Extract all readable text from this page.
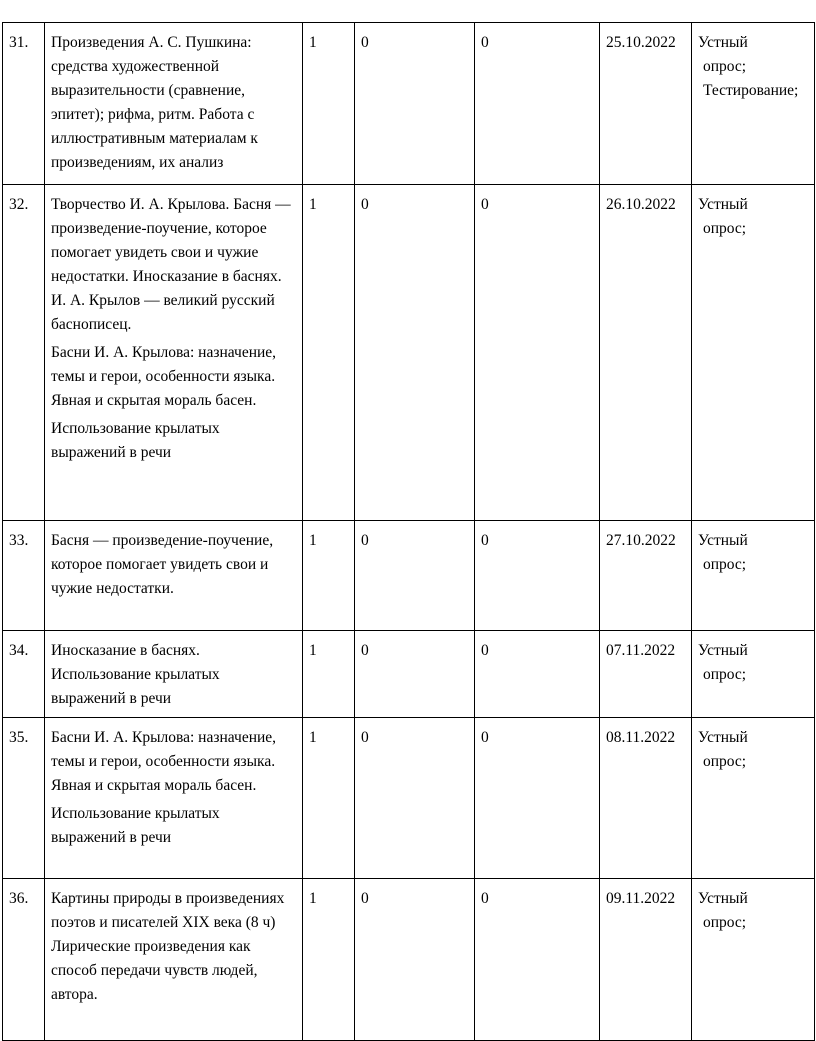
31.	Произведения А. С. Пушкина: средства художественной выразительности (сравнение, эпитет); рифма, ритм. Работа с иллюстративным материалам к произведениям, их анализ	1	0	0	25.10.2022	Устный
опрос;
Тестирование;

32.	Творчество И. А. Крылова. Басня — произведение-поучение, которое помогает увидеть свои и чужие недостатки. Иносказание в баснях. И. А. Крылов — великий русский баснописец.
Басни И. А. Крылова: назначение, темы и герои, особенности языка. Явная и скрытая мораль басен.
Использование крылатых выражений в речи	1	0	0	26.10.2022	Устный
опрос;

33.	Басня — произведение-поучение, которое помогает увидеть свои и чужие недостатки.	1	0	0	27.10.2022	Устный
опрос;

34.	Иносказание в баснях. Использование крылатых выражений в речи	1	0	0	07.11.2022	Устный
опрос;

35.	Басни И. А. Крылова: назначение, темы и герои, особенности языка. Явная и скрытая мораль басен.
Использование крылатых выражений в речи	1	0	0	08.11.2022	Устный
опрос;

36.	Картины природы в произведениях поэтов и писателей XIX века (8 ч) Лирические произведения как способ передачи чувств людей, автора.	1	0	0	09.11.2022	Устный
опрос;
